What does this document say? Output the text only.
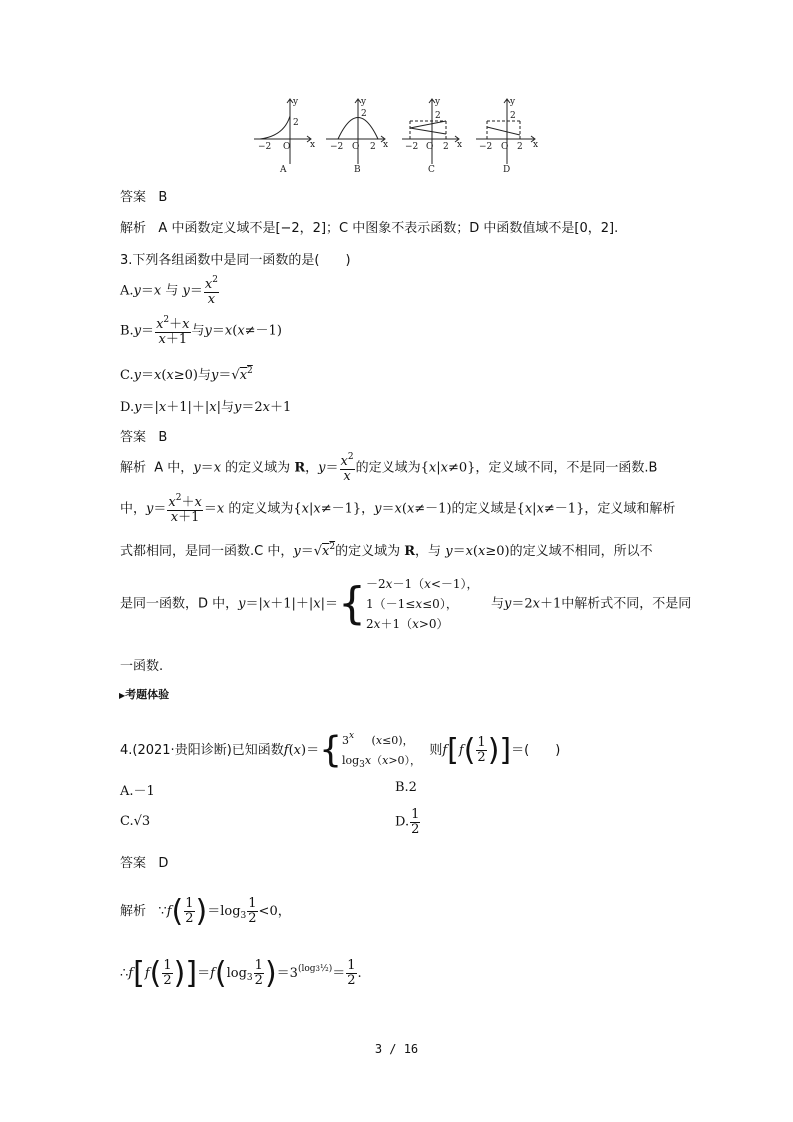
y
x
2
−2 O
y
x
2
−2 O 2
y
x
2
−2 O 2
y
x
2
−2 O 2
A	B	C	D
答案 B
解析 A 中函数定义域不是[−2，2]；C 中图象不表示函数；D 中函数值域不是[0，2].
3.下列各组函数中是同一函数的是(　　)
A.y＝x 与 $y= \frac{x^2}{x}$
$B.y= \frac{x^2+x}{x+1}$ 与y＝x(x≠－1)
C.y＝x(x≥0)与$y=√x^2$
D.y＝|x＋1|＋|x|与y＝2x＋1
答案 B
解析 A 中，y＝x 的定义域为 R，$y= \frac{x^2}{x}$ 的定义域为{x|x≠0}，定义域不同，不是同一函数.B
中，$y= \frac{x^2+x}{x+1} =x$ 的定义域为{x|x≠－1}，y＝x(x≠－1)的定义域是{x|x≠－1}，定义域和解析
式都相同，是同一函数.C 中，$y=√x^2$的定义域为 R，与 y＝x(x≥0)的定义域不相同，所以不
是同一函数，D 中，y＝|x＋1|＋|x|＝{ －2x－1（x<－1），
1（－1≤x≤0），
2x＋1（x>0）
与y＝2x＋1中解析式不同，不是同
一函数.
▶考题体验
4.(2021·贵阳诊断)已知函数f(x)＝{ 3$^x$     (x≤0)，
$\log_3x(x>0)$，
则$f[f( \frac{1}{2}$ )]＝(　　)
A.－1	B.2
C.√3	D. $\frac{1}{2}$
答案 D
解析   ∵f( $\frac{1}{2} )=\log_3 \frac{1}{2} <0$，
∴f[f( $\frac{1}{2} )]=f(\log_3 \frac{1}{2} )=3^{(log3\frac{1}{2})}= \frac{1}{2}$ .
3 / 16
